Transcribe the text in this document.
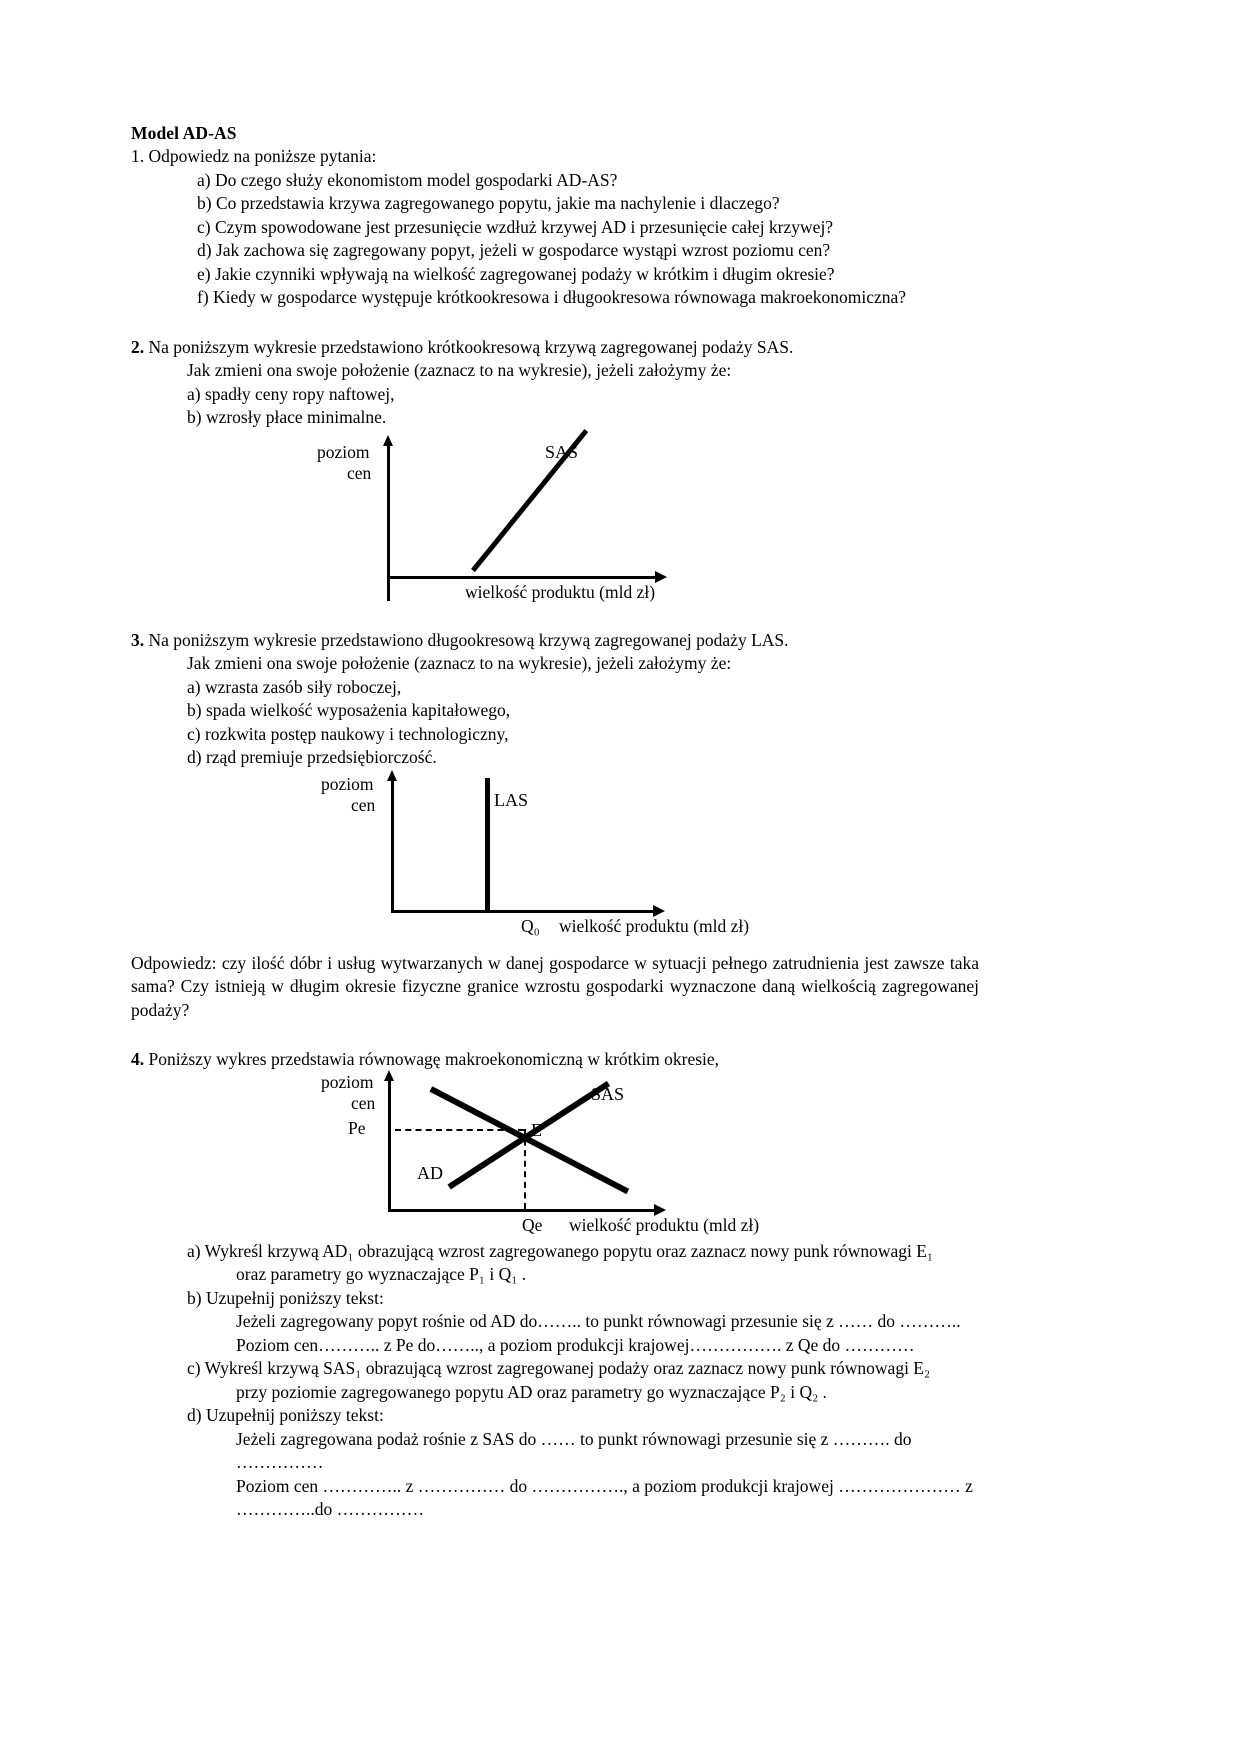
Model AD-AS
1. Odpowiedz na poniższe pytania:
a) Do czego służy ekonomistom model gospodarki AD-AS?
b) Co przedstawia krzywa zagregowanego popytu, jakie ma nachylenie i dlaczego?
c) Czym spowodowane jest przesunięcie wzdłuż krzywej AD i przesunięcie całej krzywej?
d) Jak zachowa się zagregowany popyt, jeżeli w gospodarce wystąpi wzrost poziomu cen?
e) Jakie czynniki wpływają na wielkość zagregowanej podaży w krótkim i długim okresie?
f) Kiedy w gospodarce występuje krótkookresowa i długookresowa równowaga makroekonomiczna?
2. Na poniższym wykresie przedstawiono krótkookresową krzywą zagregowanej podaży SAS.
Jak zmieni ona swoje położenie (zaznacz to na wykresie), jeżeli założymy że:
a) spadły ceny ropy naftowej,
b) wzrosły płace minimalne.
poziom
cen
SAS
wielkość produktu (mld zł)
3. Na poniższym wykresie przedstawiono długookresową krzywą zagregowanej podaży LAS.
Jak zmieni ona swoje położenie (zaznacz to na wykresie), jeżeli założymy że:
a) wzrasta zasób siły roboczej,
b) spada wielkość wyposażenia kapitałowego,
c) rozkwita postęp naukowy i technologiczny,
d) rząd premiuje przedsiębiorczość.
poziom
cen	LAS
Q₀ wielkość produktu (mld zł)
Odpowiedz: czy ilość dóbr i usług wytwarzanych w danej gospodarce w sytuacji pełnego zatrudnienia jest zawsze taka sama? Czy istnieją w długim okresie fizyczne granice wzrostu gospodarki wyznaczone daną wielkością zagregowanej podaży?
4. Poniższy wykres przedstawia równowagę makroekonomiczną w krótkim okresie,
poziom
cen
Pe	E
AD
SAS
Qe wielkość produktu (mld zł)
a) Wykreśl krzywą AD₁ obrazującą wzrost zagregowanego popytu oraz zaznacz nowy punk równowagi E₁
oraz parametry go wyznaczające P₁ i Q₁ .
b) Uzupełnij poniższy tekst:
Jeżeli zagregowany popyt rośnie od AD do…….. to punkt równowagi przesunie się z …… do ………..
Poziom cen……….. z Pe do…….., a poziom produkcji krajowej……………. z Qe do …………
c) Wykreśl krzywą SAS₁ obrazującą wzrost zagregowanej podaży oraz zaznacz nowy punk równowagi E₂
przy poziomie zagregowanego popytu AD oraz parametry go wyznaczające P₂ i Q₂ .
d) Uzupełnij poniższy tekst:
Jeżeli zagregowana podaż rośnie z SAS do …… to punkt równowagi przesunie się z ………. do ……………
Poziom cen ………….. z …………… do ……………., a poziom produkcji krajowej ………………… z
…………..do ……………
